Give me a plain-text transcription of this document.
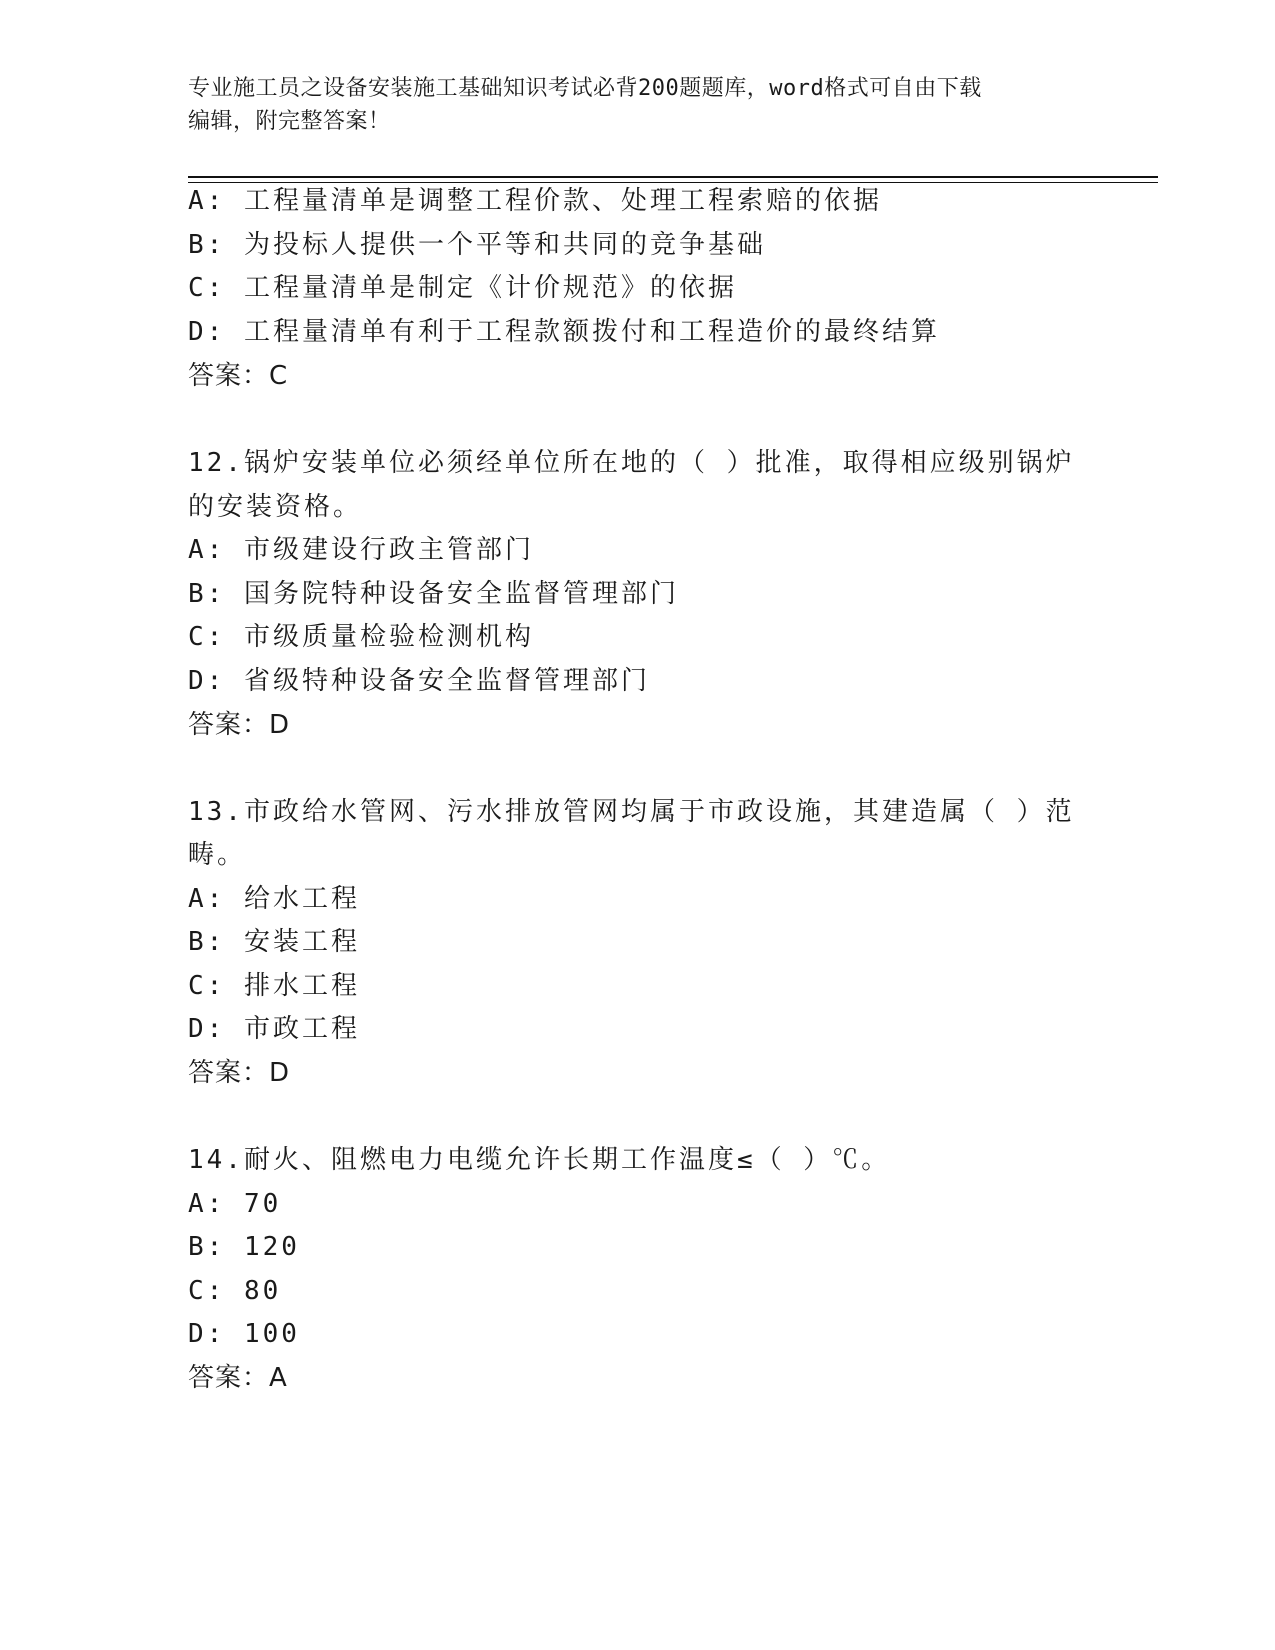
专业施工员之设备安装施工基础知识考试必背200题题库，word格式可自由下载
编辑，附完整答案！
A: 工程量清单是调整工程价款、处理工程索赔的依据
B: 为投标人提供一个平等和共同的竞争基础
C: 工程量清单是制定《计价规范》的依据
D: 工程量清单有利于工程款额拨付和工程造价的最终结算
答案：C
12.锅炉安装单位必须经单位所在地的（ ）批准，取得相应级别锅炉
的安装资格。
A: 市级建设行政主管部门
B: 国务院特种设备安全监督管理部门
C: 市级质量检验检测机构
D: 省级特种设备安全监督管理部门
答案：D
13.市政给水管网、污水排放管网均属于市政设施，其建造属（ ）范
畴。
A: 给水工程
B: 安装工程
C: 排水工程
D: 市政工程
答案：D
14.耐火、阻燃电力电缆允许长期工作温度≤（ ）℃。
A: 70
B: 120
C: 80
D: 100
答案：A
